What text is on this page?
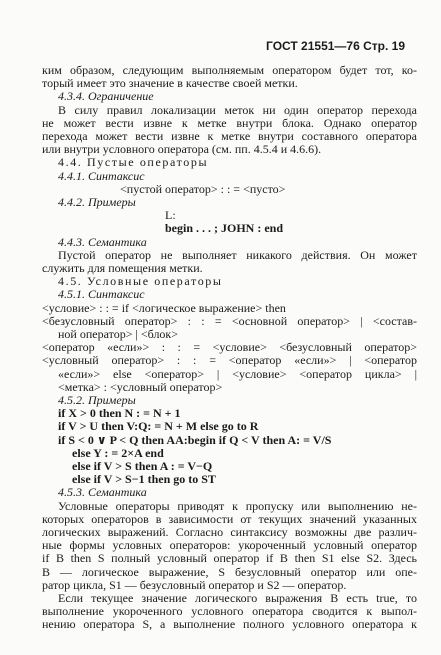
ГОСТ 21551—76 Стр. 19
ким образом, следующим выполняемым оператором будет тот, ко-
торый имеет это значение в качестве своей метки.
4.3.4. Ограничение
В силу правил локализации меток ни один оператор перехода
не может вести извне к метке внутри блока. Однако оператор
перехода может вести извне к метке внутри составного оператора
или внутри условного оператора (см. пп. 4.5.4 и 4.6.6).
4.4. Пустые операторы
4.4.1. Синтаксис
<пустой оператор> : : = <пусто>
4.4.2. Примеры
L:
begin . . . ; JOHN : end
4.4.3. Семантика
Пустой оператор не выполняет никакого действия. Он может
служить для помещения метки.
4.5. Условные операторы
4.5.1. Синтаксис
<условие> : : = if <логическое выражение> then
<безусловный оператор> : : = <основной оператор> | <состав-
ной оператор> | <блок>
<оператор «если»> : : = <условие> <безусловный оператор>
<условный оператор> : : = <оператор «если»> | <оператор
«если»> else <оператор> | <условие> <оператор цикла> |
<метка> : <условный оператор>
4.5.2. Примеры
if X > 0 then N : = N + 1
if V > U then V:Q: = N + M else go to R
if S < 0 ∨ P < Q then AA:begin if Q < V then A: = V/S
else Y : = 2×A end
else if V > S then A : = V−Q
else if V > S−1 then go to ST
4.5.3. Семантика
Условные операторы приводят к пропуску или выполнению не-
которых операторов в зависимости от текущих значений указанных
логических выражений. Согласно синтаксису возможны две различ-
ные формы условных операторов: укороченный условный оператор
if B then S полный условный оператор if B then S1 else S2. Здесь
B — логическое выражение, S безусловный оператор или опе-
ратор цикла, S1 — безусловный оператор и S2 — оператор.
Если текущее значение логического выражения B есть true, то
выполнение укороченного условного оператора сводится к выпол-
нению оператора S, а выполнение полного условного оператора к
